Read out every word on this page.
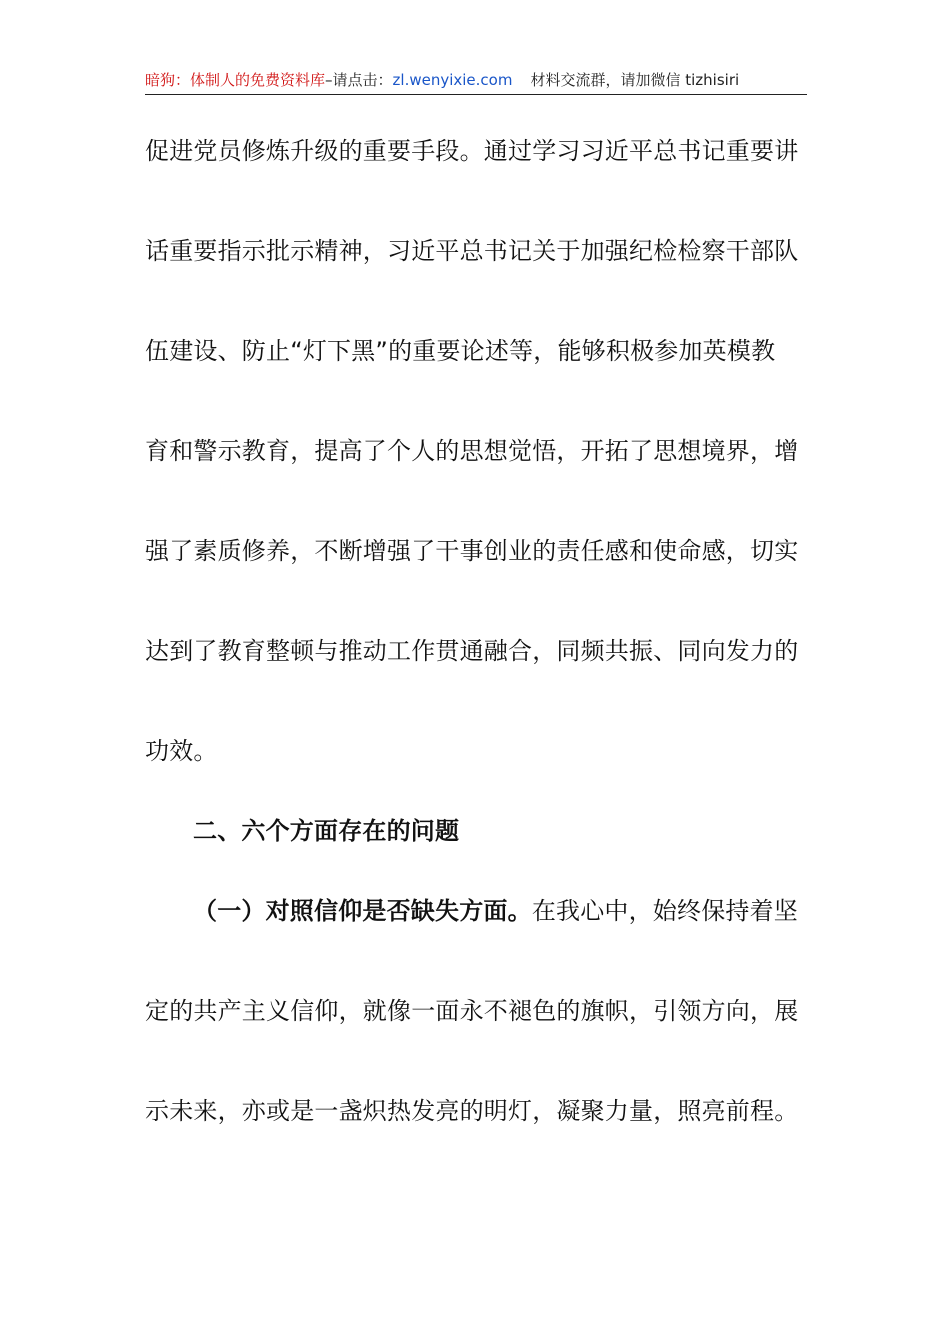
暗狗：体制人的免费资料库–请点击：zl.wenyixie.com 材料交流群，请加微信 tizhisiri
促进党员修炼升级的重要手段。通过学习习近平总书记重要讲
话重要指示批示精神，习近平总书记关于加强纪检检察干部队
伍建设、防止“灯下黑”的重要论述等，能够积极参加英模教
育和警示教育，提高了个人的思想觉悟，开拓了思想境界，增
强了素质修养，不断增强了干事创业的责任感和使命感，切实
达到了教育整顿与推动工作贯通融合，同频共振、同向发力的
功效。
二、六个方面存在的问题
（一）对照信仰是否缺失方面。在我心中，始终保持着坚
定的共产主义信仰，就像一面永不褪色的旗帜，引领方向，展
示未来，亦或是一盏炽热发亮的明灯，凝聚力量，照亮前程。
